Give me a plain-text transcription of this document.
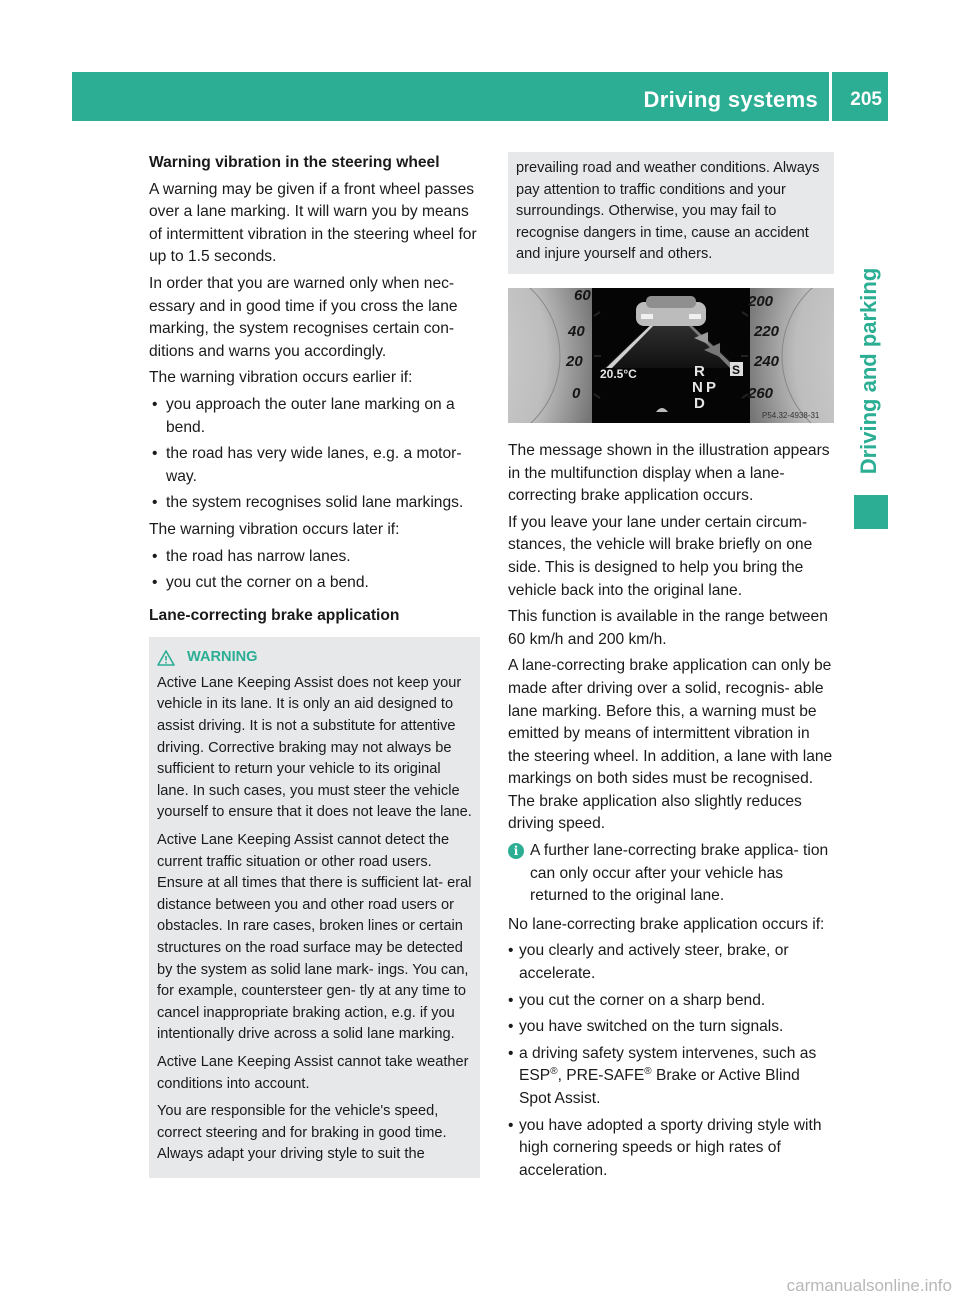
Driving systems	205
Driving and parking
Warning vibration in the steering wheel

A warning may be given if a front wheel passes over a lane marking. It will warn you by means of intermittent vibration in the steering wheel for up to 1.5 seconds.

In order that you are warned only when nec- essary and in good time if you cross the lane marking, the system recognises certain con- ditions and warns you accordingly.

The warning vibration occurs earlier if:

• you approach the outer lane marking on a bend.
• the road has very wide lanes, e.g. a motor- way.
• the system recognises solid lane markings.

The warning vibration occurs later if:

• the road has narrow lanes.
• you cut the corner on a bend.
Lane-correcting brake application
WARNING

Active Lane Keeping Assist does not keep your vehicle in its lane. It is only an aid designed to assist driving. It is not a substitute for attentive driving. Corrective braking may not always be sufficient to return your vehicle to its original lane. In such cases, you must steer the vehicle yourself to ensure that it does not leave the lane.

Active Lane Keeping Assist cannot detect the current traffic situation or other road users. Ensure at all times that there is sufficient lat- eral distance between you and other road users or obstacles. In rare cases, broken lines or certain structures on the road surface may be detected by the system as solid lane mark- ings. You can, for example, countersteer gen- tly at any time to cancel inappropriate braking action, e.g. if you intentionally drive across a solid lane marking.

Active Lane Keeping Assist cannot take weather conditions into account.

You are responsible for the vehicle's speed, correct steering and for braking in good time. Always adapt your driving style to suit the

prevailing road and weather conditions. Always pay attention to traffic conditions and your surroundings. Otherwise, you may fail to recognise dangers in time, cause an accident and injure yourself and others.

60
40
20
0
200
220
240
260
20.5°C	R
N P
D
S
P54.32-4938-31

The message shown in the illustration appears in the multifunction display when a lane-correcting brake application occurs.

If you leave your lane under certain circum- stances, the vehicle will brake briefly on one side. This is designed to help you bring the vehicle back into the original lane.

This function is available in the range between 60 km/h and 200 km/h.

A lane-correcting brake application can only be made after driving over a solid, recognis- able lane marking. Before this, a warning must be emitted by means of intermittent vibration in the steering wheel. In addition, a lane with lane markings on both sides must be recognised. The brake application also slightly reduces driving speed.

i A further lane-correcting brake applica- tion can only occur after your vehicle has returned to the original lane.

No lane-correcting brake application occurs if:

• you clearly and actively steer, brake, or accelerate.
• you cut the corner on a sharp bend.
• you have switched on the turn signals.
• a driving safety system intervenes, such as ESP®, PRE-SAFE® Brake or Active Blind Spot Assist.
• you have adopted a sporty driving style with high cornering speeds or high rates of acceleration.
carmanualsonline.info
